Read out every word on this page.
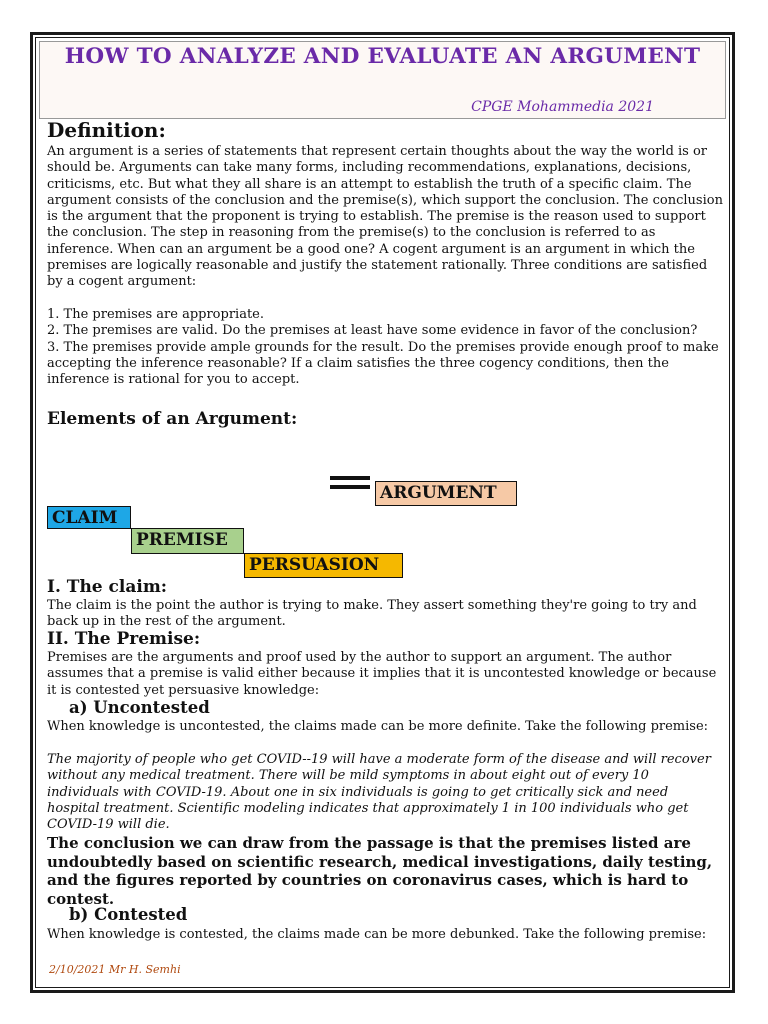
HOW TO ANALYZE AND EVALUATE AN ARGUMENT
CPGE Mohammedia 2021
Definition:

An argument is a series of statements that represent certain thoughts about the way the world is or should be. Arguments can take many forms, including recommendations, explanations, decisions, criticisms, etc. But what they all share is an attempt to establish the truth of a specific claim. The argument consists of the conclusion and the premise(s), which support the conclusion. The conclusion is the argument that the proponent is trying to establish. The premise is the reason used to support the conclusion. The step in reasoning from the premise(s) to the conclusion is referred to as inference. When can an argument be a good one? A cogent argument is an argument in which the premises are logically reasonable and justify the statement rationally. Three conditions are satisfied by a cogent argument:

1. The premises are appropriate.

2. The premises are valid. Do the premises at least have some evidence in favor of the conclusion?

3. The premises provide ample grounds for the result. Do the premises provide enough proof to make accepting the inference reasonable? If a claim satisfies the three cogency conditions, then the inference is rational for you to accept.

Elements of an Argument:
ARGUMENT
CLAIM
PREMISE
PERSUASION
I. The claim:

The claim is the point the author is trying to make. They assert something they're going to try and back up in the rest of the argument.

II. The Premise:

Premises are the arguments and proof used by the author to support an argument. The author assumes that a premise is valid either because it implies that it is uncontested knowledge or because it is contested yet persuasive knowledge:

a) Uncontested

When knowledge is uncontested, the claims made can be more definite. Take the following premise:

The majority of people who get COVID--19 will have a moderate form of the disease and will recover without any medical treatment. There will be mild symptoms in about eight out of every 10 individuals with COVID-19. About one in six individuals is going to get critically sick and need hospital treatment. Scientific modeling indicates that approximately 1 in 100 individuals who get COVID-19 will die.

The conclusion we can draw from the passage is that the premises listed are undoubtedly based on scientific research, medical investigations, daily testing, and the figures reported by countries on coronavirus cases, which is hard to contest.

b) Contested

When knowledge is contested, the claims made can be more debunked. Take the following premise:

2/10/2021 Mr H. Semhi
